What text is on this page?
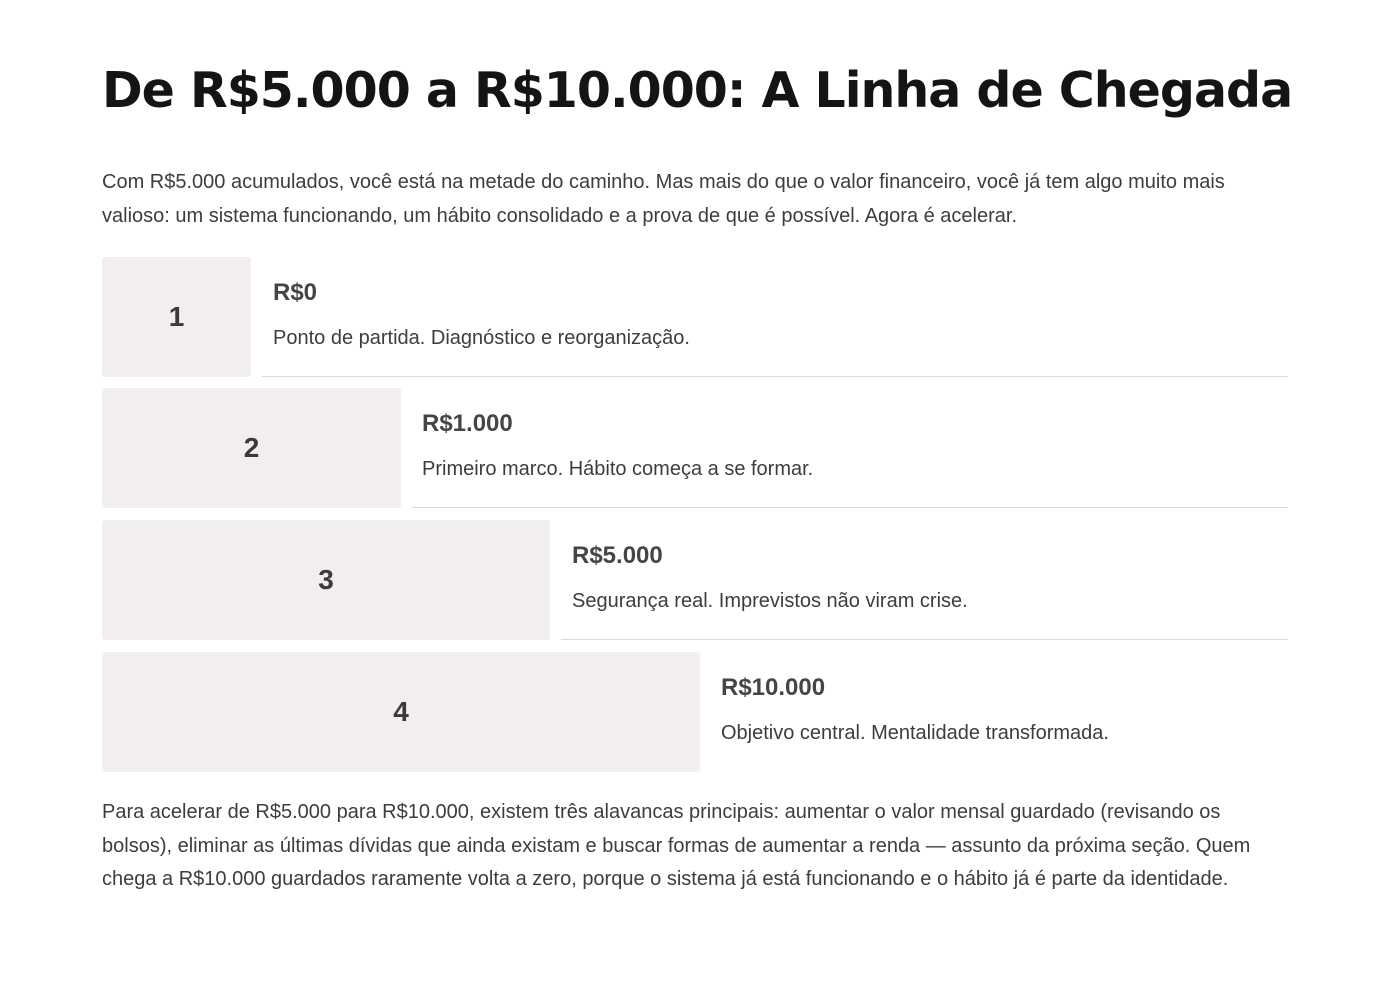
De R$5.000 a R$10.000: A Linha de Chegada

Com R$5.000 acumulados, você está na metade do caminho. Mas mais do que o valor financeiro, você já tem algo muito mais valioso: um sistema funcionando, um hábito consolidado e a prova de que é possível. Agora é acelerar.

1
R$0
Ponto de partida. Diagnóstico e reorganização.
2
R$1.000
Primeiro marco. Hábito começa a se formar.
3
R$5.000
Segurança real. Imprevistos não viram crise.
4
R$10.000
Objetivo central. Mentalidade transformada.

Para acelerar de R$5.000 para R$10.000, existem três alavancas principais: aumentar o valor mensal guardado (revisando os bolsos), eliminar as últimas dívidas que ainda existam e buscar formas de aumentar a renda — assunto da próxima seção. Quem chega a R$10.000 guardados raramente volta a zero, porque o sistema já está funcionando e o hábito já é parte da identidade.
